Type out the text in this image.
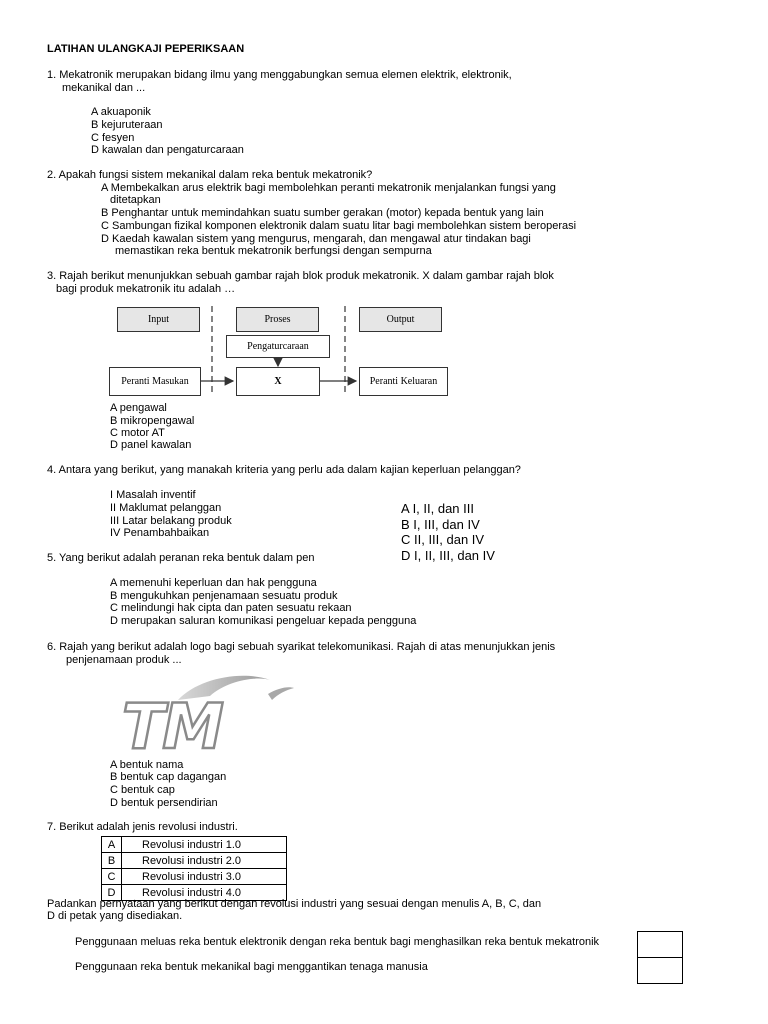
LATIHAN ULANGKAJI PEPERIKSAAN
1. Mekatronik merupakan bidang ilmu yang menggabungkan semua elemen elektrik, elektronik,
mekanikal dan ...
A akuaponik
B kejuruteraan
C fesyen
D kawalan dan pengaturcaraan
2. Apakah fungsi sistem mekanikal dalam reka bentuk mekatronik?
A Membekalkan arus elektrik bagi membolehkan peranti mekatronik menjalankan fungsi yang
ditetapkan
B Penghantar untuk memindahkan suatu sumber gerakan (motor) kepada bentuk yang lain
C Sambungan fizikal komponen elektronik dalam suatu litar bagi membolehkan sistem beroperasi
D Kaedah kawalan sistem yang mengurus, mengarah, dan mengawal atur tindakan bagi
memastikan reka bentuk mekatronik berfungsi dengan sempurna
3. Rajah berikut menunjukkan sebuah gambar rajah blok produk mekatronik. X dalam gambar rajah blok
bagi produk mekatronik itu adalah …
Input	Proses	Output
Pengaturcaraan
Peranti Masukan	X	Peranti Keluaran
A pengawal
B mikropengawal
C motor AT
D panel kawalan
4. Antara yang berikut, yang manakah kriteria yang perlu ada dalam kajian keperluan pelanggan?
I Masalah inventif
II Maklumat pelanggan
III Latar belakang produk
IV Penambahbaikan
A I, II, dan III
B I, III, dan IV
C II, III, dan IV
D I, II, III, dan IV
5. Yang berikut adalah peranan reka bentuk dalam pen
A memenuhi keperluan dan hak pengguna
B mengukuhkan penjenamaan sesuatu produk
C melindungi hak cipta dan paten sesuatu rekaan
D merupakan saluran komunikasi pengeluar kepada pengguna
6. Rajah yang berikut adalah logo bagi sebuah syarikat telekomunikasi. Rajah di atas menunjukkan jenis
penjenamaan produk ...
TM
A bentuk nama
B bentuk cap dagangan
C bentuk cap
D bentuk persendirian
7. Berikut adalah jenis revolusi industri.
A	Revolusi industri 1.0
B	Revolusi industri 2.0
C	Revolusi industri 3.0
D	Revolusi industri 4.0
Padankan pernyataan yang berikut dengan revolusi industri yang sesuai dengan menulis A, B, C, dan
D di petak yang disediakan.
Penggunaan meluas reka bentuk elektronik dengan reka bentuk bagi menghasilkan reka bentuk mekatronik
Penggunaan reka bentuk mekanikal bagi menggantikan tenaga manusia
